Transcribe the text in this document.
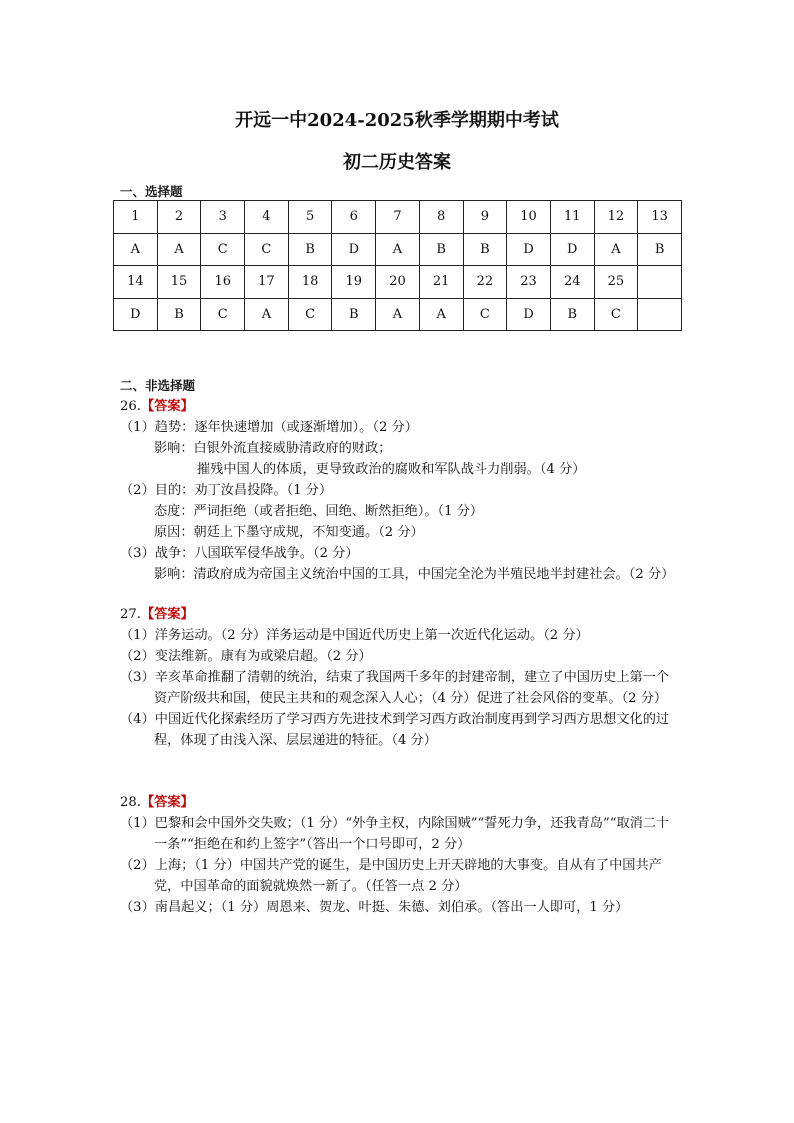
开远一中2024-2025秋季学期期中考试
初二历史答案
一、选择题
1	2	3	4	5	6	7	8	9	10	11	12	13
A	A	C	C	B	D	A	B	B	D	D	A	B
14	15	16	17	18	19	20	21	22	23	24	25	
D	B	C	A	C	B	A	A	C	D	B	C	
二、非选择题
26.【答案】
（1）趋势：逐年快速增加（或逐渐增加）。（2 分）
影响：白银外流直接威胁清政府的财政；
摧残中国人的体质，更导致政治的腐败和军队战斗力削弱。（4 分）
（2）目的：劝丁汝昌投降。（1 分）
态度：严词拒绝（或者拒绝、回绝、断然拒绝）。（1 分）
原因：朝廷上下墨守成规，不知变通。（2 分）
（3）战争：八国联军侵华战争。（2 分）
影响：清政府成为帝国主义统治中国的工具，中国完全沦为半殖民地半封建社会。（2 分）
27.【答案】
（1）洋务运动。（2 分）洋务运动是中国近代历史上第一次近代化运动。（2 分）
（2）变法维新。康有为或梁启超。（2 分）
（3）辛亥革命推翻了清朝的统治，结束了我国两千多年的封建帝制，建立了中国历史上第一个资产阶级共和国，使民主共和的观念深入人心；（4 分）促进了社会风俗的变革。（2 分）
（4）中国近代化探索经历了学习西方先进技术到学习西方政治制度再到学习西方思想文化的过程，体现了由浅入深、层层递进的特征。（4 分）
28.【答案】
（1）巴黎和会中国外交失败；（1 分）“外争主权，内除国贼”“誓死力争，还我青岛”“取消二十一条”“拒绝在和约上签字”（答出一个口号即可，2 分）
（2）上海；（1 分）中国共产党的诞生，是中国历史上开天辟地的大事变。自从有了中国共产党，中国革命的面貌就焕然一新了。（任答一点 2 分）
（3）南昌起义；（1 分）周恩来、贺龙、叶挺、朱德、刘伯承。（答出一人即可，1 分）
